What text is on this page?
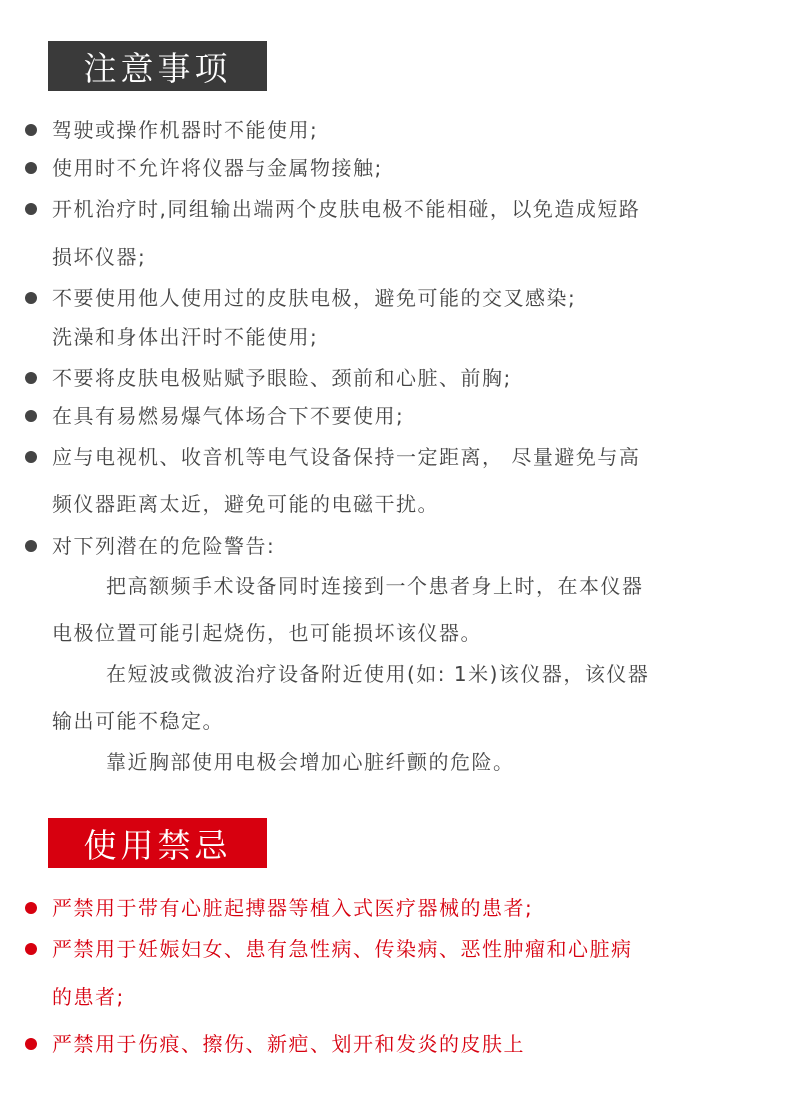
注意事项
驾驶或操作机器时不能使用;
使用时不允许将仪器与金属物接触;
开机治疗时,同组输出端两个皮肤电极不能相碰，以免造成短路
损坏仪器;
不要使用他人使用过的皮肤电极，避免可能的交叉感染;
洗澡和身体出汗时不能使用;
不要将皮肤电极贴赋予眼睑、颈前和心脏、前胸;
在具有易燃易爆气体场合下不要使用;
应与电视机、收音机等电气设备保持一定距离， 尽量避免与高
频仪器距离太近，避免可能的电磁干扰。
对下列潜在的危险警告:
把高额频手术设备同时连接到一个患者身上时，在本仪器
电极位置可能引起烧伤，也可能损坏该仪器。
在短波或微波治疗设备附近使用(如: 1米)该仪器，该仪器
输出可能不稳定。
靠近胸部使用电极会增加心脏纤颤的危险。
使用禁忌
严禁用于带有心脏起搏器等植入式医疗器械的患者;
严禁用于妊娠妇女、患有急性病、传染病、恶性肿瘤和心脏病
的患者;
严禁用于伤痕、擦伤、新疤、划开和发炎的皮肤上
